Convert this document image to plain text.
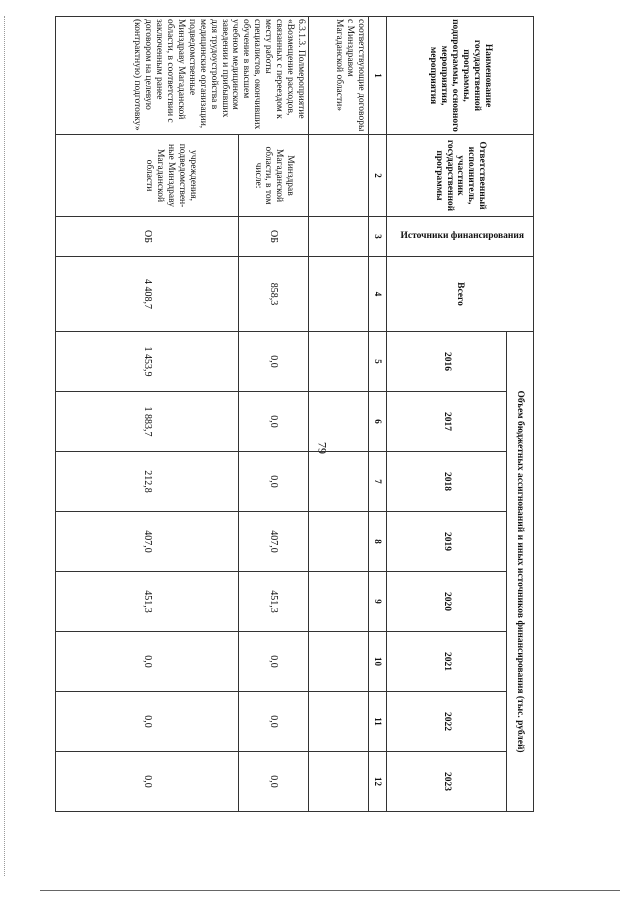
79
Наименование государственной программы, подпрограммы, основного мероприятия, мероприятия	Ответственный исполнитель, участник государственной программы	Источники финансирования	Всего	Объем бюджетных ассигнований и иных источников финансирования (тыс. рублей)							
				2016	2017	2018	2019	2020	2021	2022	2023
1	2	3	4	5	6	7	8	9	10	11	12
соответствующие договоры с Минздравом Магаданской области»											
6.3.1.3. Полмероприятие «Возмещение расходов, связанных с переездом к месту работы специалистов, окончивших обучение в высшем учебном медицинском заведении и прибывших для трудоустройства в медицинские организации, подведомственные Минздраву Магаданской области, в соответствии с заключенным ранее договором на целевую (контрактную) подготовку»	Минздрав Магаданской области, в том числе:	ОБ	858,3	0,0	0,0	0,0	407,0	451,3	0,0	0,0	0,0
	учреждения, подведомствен-ные Минздраву Магаданской области	ОБ	4 408,7	1 453,9	1 883,7	212,8	407,0	451,3	0,0	0,0	0,0
